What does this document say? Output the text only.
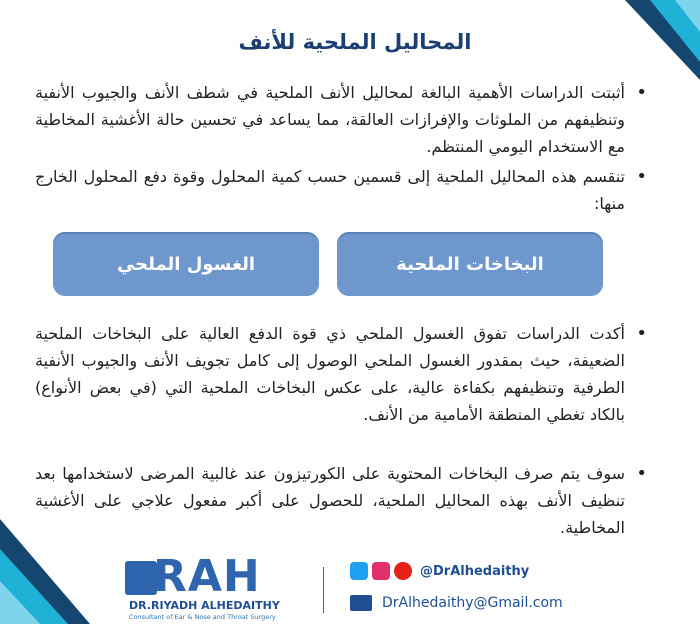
المحاليل الملحية للأنف
•
أثبتت الدراسات الأهمية البالغة لمحاليل الأنف الملحية في شطف الأنف والجيوب الأنفية وتنظيفهم من الملوثات والإفرازات العالقة، مما يساعد في تحسين حالة الأغشية المخاطية مع الاستخدام اليومي المنتظم.
•
تنقسم هذه المحاليل الملحية إلى قسمين حسب كمية المحلول وقوة دفع المحلول الخارج منها:
البخاخات الملحية
الغسول الملحي
•
أكدت الدراسات تفوق الغسول الملحي ذي قوة الدفع العالية على البخاخات الملحية الضعيفة، حيث بمقدور الغسول الملحي الوصول إلى كامل تجويف الأنف والجيوب الأنفية الطرفية وتنظيفهم بكفاءة عالية، على عكس البخاخات الملحية التي (في بعض الأنواع) بالكاد تغطي المنطقة الأمامية من الأنف.
•
سوف يتم صرف البخاخات المحتوية على الكورتيزون عند غالبية المرضى لاستخدامها بعد تنظيف الأنف بهذه المحاليل الملحية، للحصول على أكبر مفعول علاجي على الأغشية المخاطية.
RAH
DR.RIYADH ALHEDAITHY
Consultant of Ear & Nose and Throat Surgery
@DrAlhedaithy
DrAlhedaithy@Gmail.com
